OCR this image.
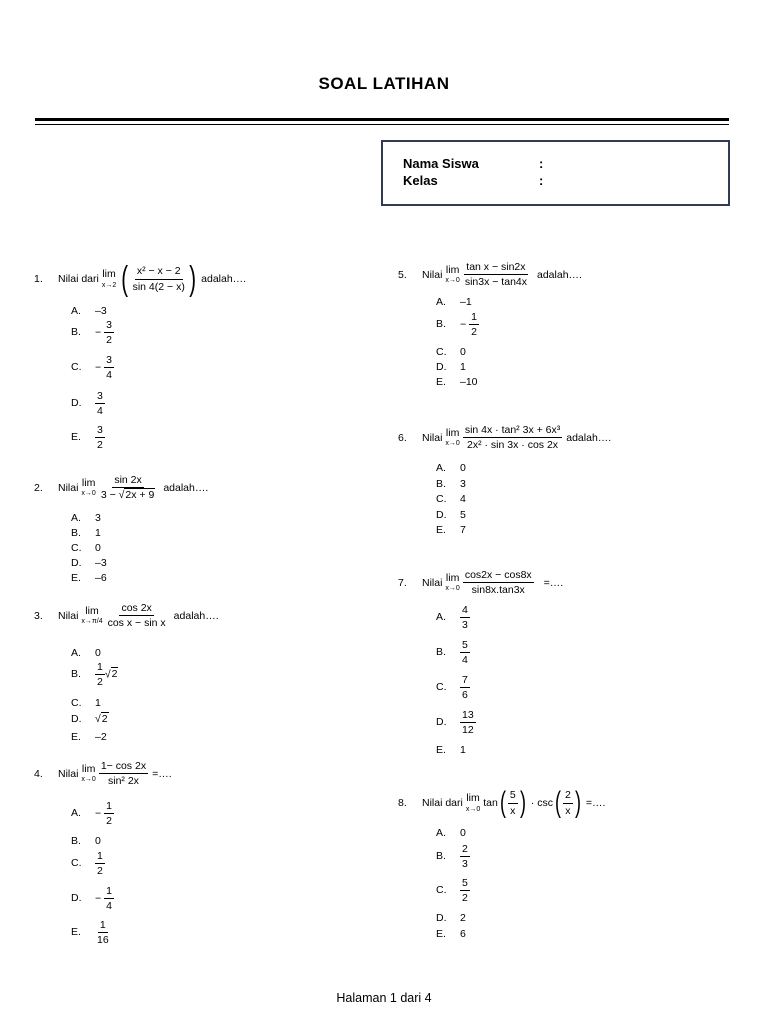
SOAL LATIHAN
Nama Siswa	:
Kelas	:
1.	Nilai dari lim
x→2 ( $\frac{\text{x² − x − 2}}{\sin 4(2 - x)}$ ) adalah….
A. –3
B. − $\frac{3}{2}$
C. − $\frac{3}{4}$
D. $\frac{3}{4}$
E. $\frac{3}{2}$
2.	Nilai lim
$x\to 0 \frac{\sin 2x}{3 - √2x + 9}$ adalah….
A. 3
B. 1
C. 0
D. –3
E. –6
3.	Nilai lim
$x\to\pi/4 \frac{\cos 2x}{\text{cos x − sin x}}$ adalah….
A. 0
B. $\frac{1}{2} √2$
C. 1
D. √2
E. –2
4.	Nilai lim
$x\to 0 \frac{1- \cos 2x}{\text{sin² 2x}}$ =….
A. − $\frac{1}{2}$
B. 0
C. $\frac{1}{2}$
D. − $\frac{1}{4}$
E. $\frac{1}{16}$
5.	Nilai lim
$x\to 0 \frac{\text{tan x − sin2x}}{\sin 3x - \tan 4x}$ adalah….
A. –1
B. − $\frac{1}{2}$
C. 0
D. 1
E. –10
6.	Nilai lim
$x\to 0 \frac{\text{sin 4x · tan² 3x + 6x³}}{\text{2x² · sin 3x · cos 2x}}$ adalah….
A. 0
B. 3
C. 4
D. 5
E. 7
7.	Nilai lim
$x\to 0 \frac{\cos 2x - \cos 8x}{\sin 8x.\tan 3x}$ =….
A. $\frac{4}{3}$
B. $\frac{5}{4}$
C. $\frac{7}{6}$
D. $\frac{13}{12}$
E. 1
8.	Nilai dari lim
x→0
tan ( $\frac{5}{x}$ ) · csc ( $\frac{2}{x}$ ) =….
A. 0
B. $\frac{2}{3}$
C. $\frac{5}{2}$
D. 2
E. 6
Halaman 1 dari 4
